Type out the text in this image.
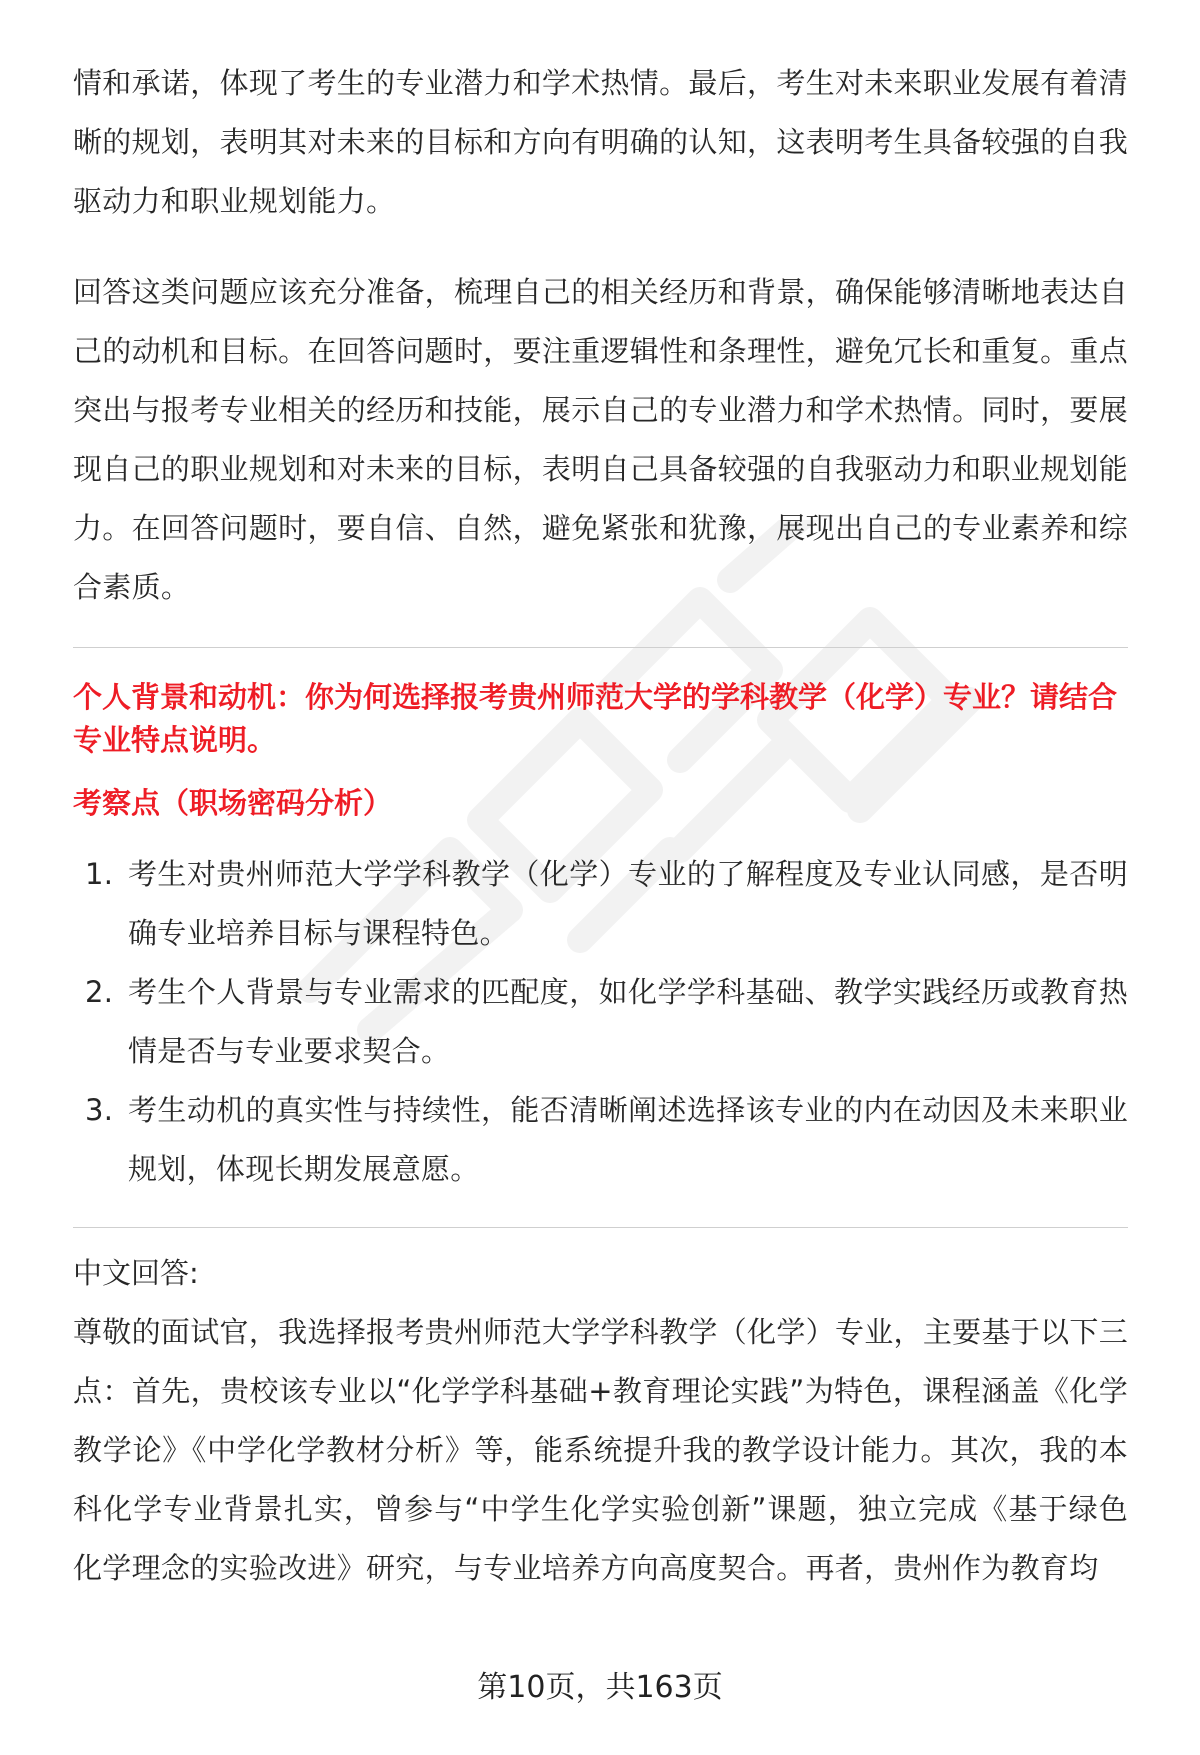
情和承诺，体现了考生的专业潜力和学术热情。最后，考生对未来职业发展有着清晰的规划，表明其对未来的目标和方向有明确的认知，这表明考生具备较强的自我驱动力和职业规划能力。

回答这类问题应该充分准备，梳理自己的相关经历和背景，确保能够清晰地表达自己的动机和目标。在回答问题时，要注重逻辑性和条理性，避免冗长和重复。重点突出与报考专业相关的经历和技能，展示自己的专业潜力和学术热情。同时，要展现自己的职业规划和对未来的目标，表明自己具备较强的自我驱动力和职业规划能力。在回答问题时，要自信、自然，避免紧张和犹豫，展现出自己的专业素养和综合素质。

个人背景和动机：你为何选择报考贵州师范大学的学科教学（化学）专业？请结合专业特点说明。

考察点（职场密码分析）

1. 考生对贵州师范大学学科教学（化学）专业的了解程度及专业认同感，是否明确专业培养目标与课程特色。
2. 考生个人背景与专业需求的匹配度，如化学学科基础、教学实践经历或教育热情是否与专业要求契合。
3. 考生动机的真实性与持续性，能否清晰阐述选择该专业的内在动因及未来职业规划，体现长期发展意愿。

中文回答:

尊敬的面试官，我选择报考贵州师范大学学科教学（化学）专业，主要基于以下三点：首先，贵校该专业以“化学学科基础+教育理论实践”为特色，课程涵盖《化学教学论》《中学化学教材分析》等，能系统提升我的教学设计能力。其次，我的本科化学专业背景扎实，曾参与“中学生化学实验创新”课题，独立完成《基于绿色化学理念的实验改进》研究，与专业培养方向高度契合。再者，贵州作为教育均

第10页，共163页
